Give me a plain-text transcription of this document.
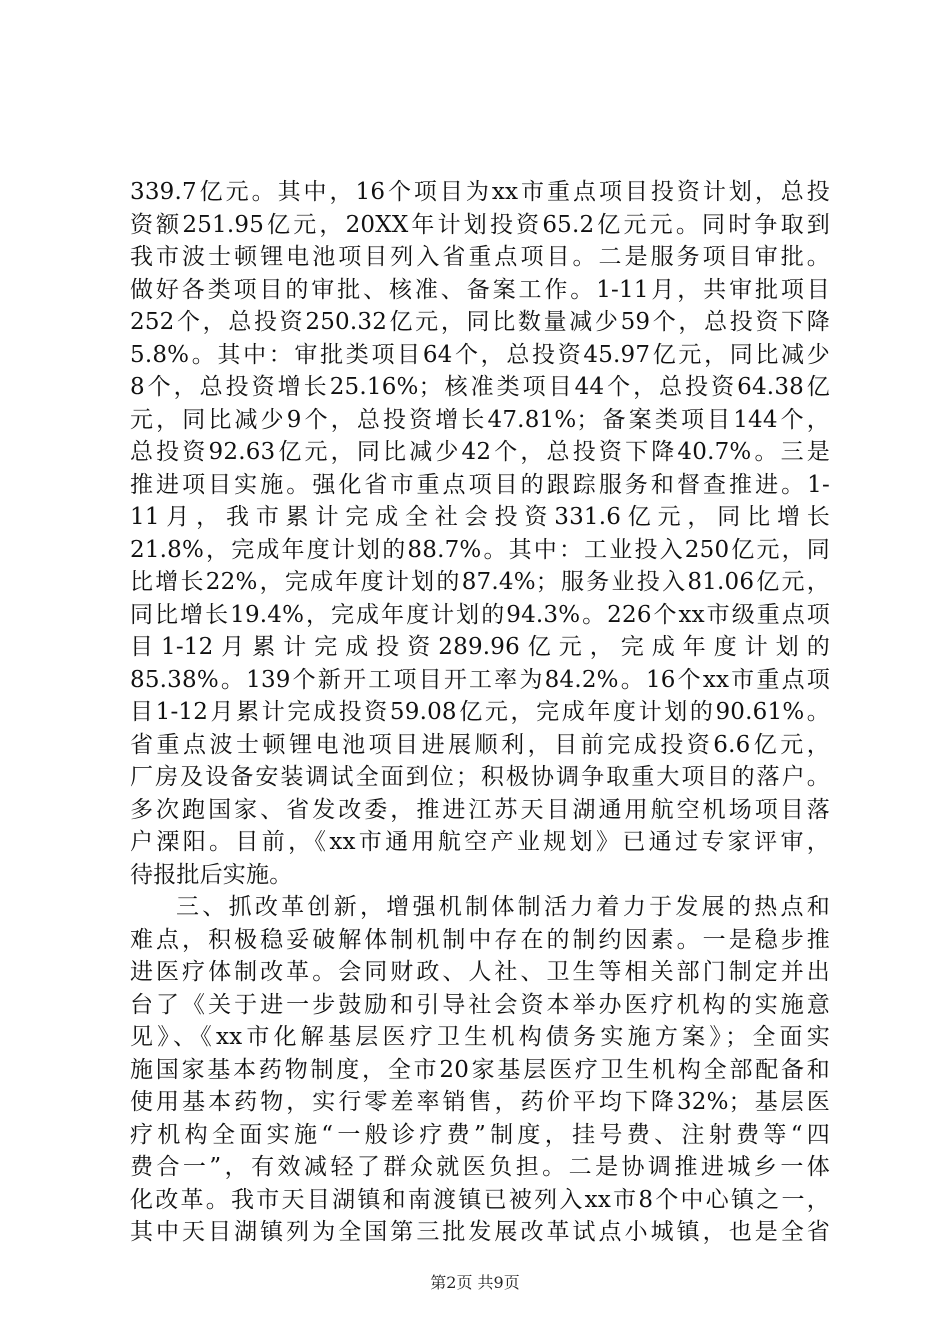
339.7亿元。其中，16个项目为xx市重点项目投资计划，总投
资额251.95亿元，20XX年计划投资65.2亿元元。同时争取到
我市波士顿锂电池项目列入省重点项目。二是服务项目审批。
做好各类项目的审批、核准、备案工作。1-11月，共审批项目
252个，总投资250.32亿元，同比数量减少59个，总投资下降
5.8%。其中：审批类项目64个，总投资45.97亿元，同比减少
8个，总投资增长25.16%；核准类项目44个，总投资64.38亿
元，同比减少9个，总投资增长47.81%；备案类项目144个，
总投资92.63亿元，同比减少42个，总投资下降40.7%。三是
推进项目实施。强化省市重点项目的跟踪服务和督查推进。1-
11月，我市累计完成全社会投资331.6亿元，同比增长
21.8%，完成年度计划的88.7%。其中：工业投入250亿元，同
比增长22%，完成年度计划的87.4%；服务业投入81.06亿元，
同比增长19.4%，完成年度计划的94.3%。226个xx市级重点项
目1-12月累计完成投资289.96亿元，完成年度计划的
85.38%。139个新开工项目开工率为84.2%。16个xx市重点项
目1-12月累计完成投资59.08亿元，完成年度计划的90.61%。
省重点波士顿锂电池项目进展顺利，目前完成投资6.6亿元，
厂房及设备安装调试全面到位；积极协调争取重大项目的落户。
多次跑国家、省发改委，推进江苏天目湖通用航空机场项目落
户溧阳。目前，《xx市通用航空产业规划》已通过专家评审，
待报批后实施。
三、抓改革创新，增强机制体制活力着力于发展的热点和
难点，积极稳妥破解体制机制中存在的制约因素。一是稳步推
进医疗体制改革。会同财政、人社、卫生等相关部门制定并出
台了《关于进一步鼓励和引导社会资本举办医疗机构的实施意
见》、《xx市化解基层医疗卫生机构债务实施方案》；全面实
施国家基本药物制度，全市20家基层医疗卫生机构全部配备和
使用基本药物，实行零差率销售，药价平均下降32%；基层医
疗机构全面实施“一般诊疗费”制度，挂号费、注射费等“四
费合一”，有效减轻了群众就医负担。二是协调推进城乡一体
化改革。我市天目湖镇和南渡镇已被列入xx市8个中心镇之一，
其中天目湖镇列为全国第三批发展改革试点小城镇，也是全省
第2页 共9页
